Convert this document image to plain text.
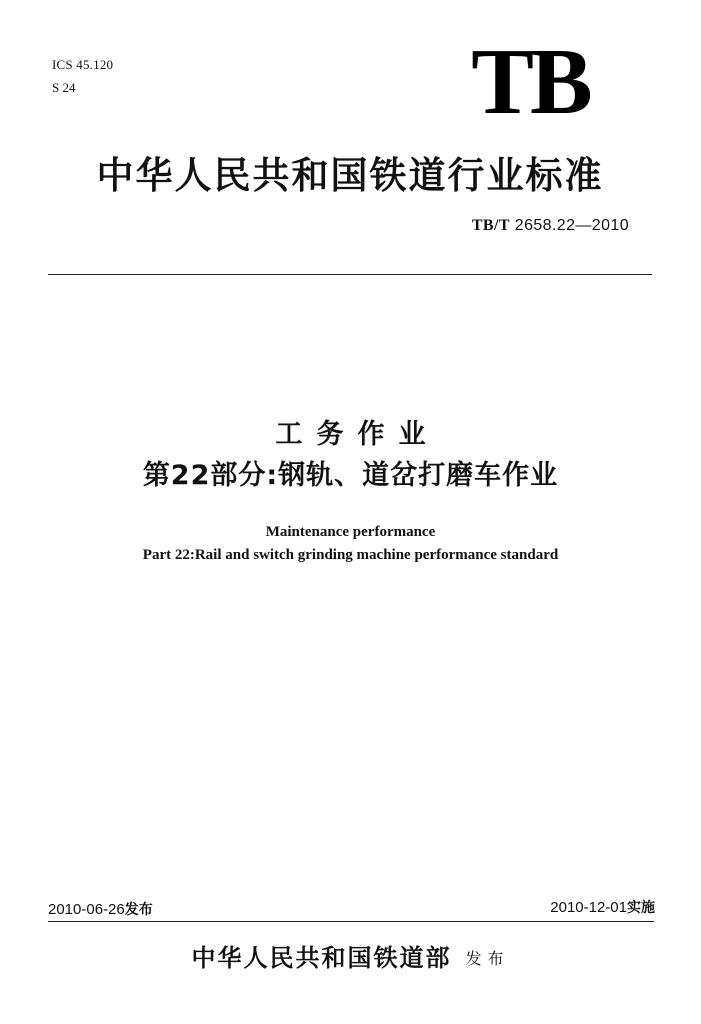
ICS 45.120
S 24	TB
中华人民共和国铁道行业标准
TB/T 2658.22—2010
工务作业
第22部分:钢轨、道岔打磨车作业
Maintenance performance
Part 22:Rail and switch grinding machine performance standard
2010-06-26发布	2010-12-01实施
中华人民共和国铁道部 发布
